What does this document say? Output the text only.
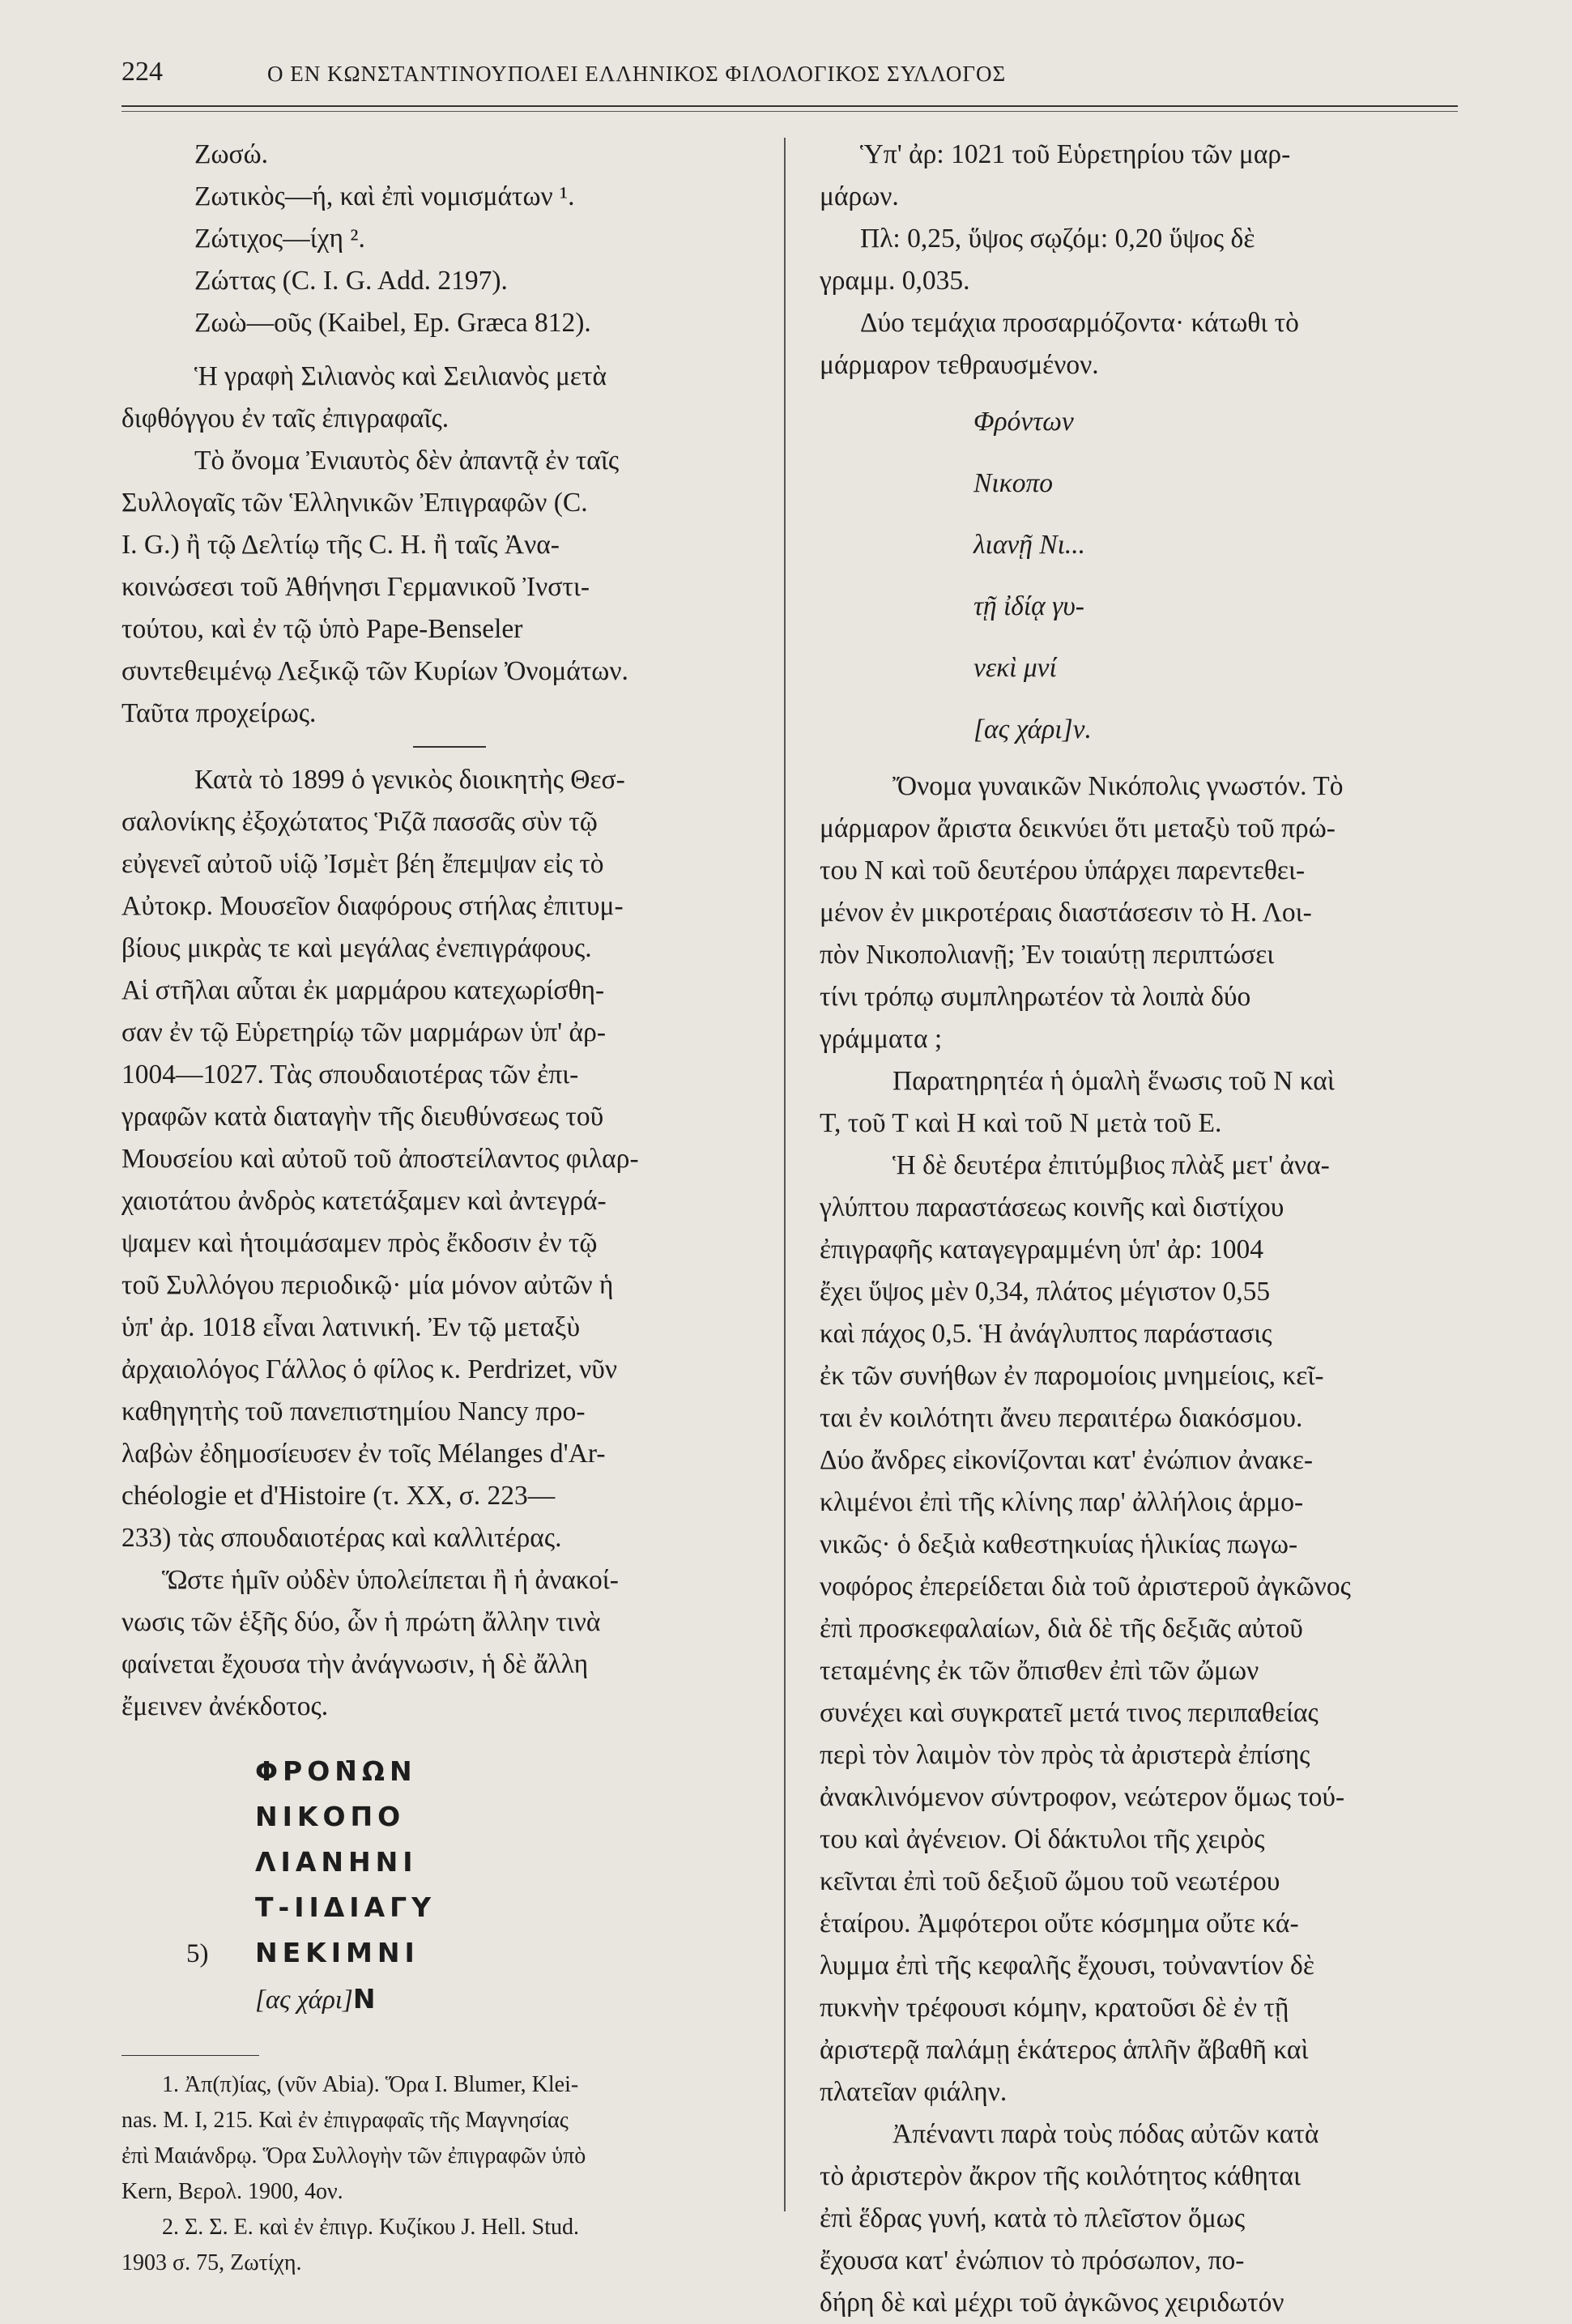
224	Ο ΕΝ ΚΩΝΣΤΑΝΤΙΝΟΥΠΟΛΕΙ ΕΛΛΗΝΙΚΟΣ ΦΙΛΟΛΟΓΙΚΟΣ ΣΥΛΛΟΓΟΣ
Ζωσώ.
Ζωτικὸς—ή, καὶ ἐπὶ νομισμάτων ¹.
Ζώτιχος—ίχη ².
Ζώττας (C. I. G. Add. 2197).
Ζωὼ—οῦς (Kaibel, Ep. Græca 812).
Ἡ γραφὴ Σιλιανὸς καὶ Σειλιανὸς μετὰ
διφθόγγου ἐν ταῖς ἐπιγραφαῖς.
Τὸ ὄνομα Ἐνιαυτὸς δὲν ἀπαντᾷ ἐν ταῖς
Συλλογαῖς τῶν Ἑλληνικῶν Ἐπιγραφῶν (C.
I. G.) ἢ τῷ Δελτίῳ τῆς C. H. ἢ ταῖς Ἀνα-
κοινώσεσι τοῦ Ἀθήνησι Γερμανικοῦ Ἰνστι-
τούτου, καὶ ἐν τῷ ὑπὸ Pape-Benseler
συντεθειμένῳ Λεξικῷ τῶν Κυρίων Ὀνομάτων.
Ταῦτα προχείρως.
Κατὰ τὸ 1899 ὁ γενικὸς διοικητὴς Θεσ-
σαλονίκης ἐξοχώτατος Ῥιζᾶ πασσᾶς σὺν τῷ
εὐγενεῖ αὐτοῦ υἱῷ Ἰσμὲτ βέη ἔπεμψαν εἰς τὸ
Αὐτοκρ. Μουσεῖον διαφόρους στήλας ἐπιτυμ-
βίους μικρὰς τε καὶ μεγάλας ἐνεπιγράφους.
Αἱ στῆλαι αὗται ἐκ μαρμάρου κατεχωρίσθη-
σαν ἐν τῷ Εὑρετηρίῳ τῶν μαρμάρων ὑπ' ἀρ-
1004—1027. Τὰς σπουδαιοτέρας τῶν ἐπι-
γραφῶν κατὰ διαταγὴν τῆς διευθύνσεως τοῦ
Μουσείου καὶ αὐτοῦ τοῦ ἀποστείλαντος φιλαρ-
χαιοτάτου ἀνδρὸς κατετάξαμεν καὶ ἀντεγρά-
ψαμεν καὶ ἡτοιμάσαμεν πρὸς ἔκδοσιν ἐν τῷ
τοῦ Συλλόγου περιοδικῷ· μία μόνον αὐτῶν ἡ
ὑπ' ἀρ. 1018 εἶναι λατινική. Ἐν τῷ μεταξὺ
ἀρχαιολόγος Γάλλος ὁ φίλος κ. Perdrizet, νῦν
καθηγητὴς τοῦ πανεπιστημίου Nancy προ-
λαβὼν ἐδημοσίευσεν ἐν τοῖς Mélanges d'Ar-
chéologie et d'Histoire (τ. XX, σ. 223—
233) τὰς σπουδαιοτέρας καὶ καλλιτέρας.
Ὥστε ἡμῖν οὐδὲν ὑπολείπεται ἢ ἡ ἀνακοί-
νωσις τῶν ἑξῆς δύο, ὧν ἡ πρώτη ἄλλην τινὰ
φαίνεται ἔχουσα τὴν ἀνάγνωσιν, ἡ δὲ ἄλλη
ἔμεινεν ἀνέκδοτος.
ΦΡΟΝ̄ΩΝ
ΝΙΚΟΠΟ
ΛΙΑΝΗΝΙ
Τ-ΙΙΔΙΑΓΥ
5) ΝΕΚΙΜΝΙ
[ας χάρι]Ν
1. Ἀπ(π)ίας, (νῦν Abia). Ὅρα I. Blumer, Klei-
nas. M. I, 215. Καὶ ἐν ἐπιγραφαῖς τῆς Μαγνησίας
ἐπὶ Μαιάνδρῳ. Ὅρα Συλλογὴν τῶν ἐπιγραφῶν ὑπὸ
Kern, Βερολ. 1900, 4ον.
2. Σ. Σ. Ε. καὶ ἐν ἐπιγρ. Κυζίκου J. Hell. Stud.
1903 σ. 75, Ζωτίχη.
Ὑπ' ἀρ: 1021 τοῦ Εὑρετηρίου τῶν μαρ-
μάρων.
Πλ: 0,25, ὕψος σῳζόμ: 0,20 ὕψος δὲ
γραμμ. 0,035.
Δύο τεμάχια προσαρμόζοντα· κάτωθι τὸ
μάρμαρον τεθραυσμένον.
Φρόντων
Νικοπο
λιανῇ Νι...
τῇ ἰδίᾳ γυ-
νεκὶ μνί
[ας χάρι]ν.
Ὄνομα γυναικῶν Νικόπολις γνωστόν. Τὸ
μάρμαρον ἄριστα δεικνύει ὅτι μεταξὺ τοῦ πρώ-
του Ν καὶ τοῦ δευτέρου ὑπάρχει παρεντεθει-
μένον ἐν μικροτέραις διαστάσεσιν τὸ Η. Λοι-
πὸν Νικοπολιανῇ; Ἐν τοιαύτῃ περιπτώσει
τίνι τρόπῳ συμπληρωτέον τὰ λοιπὰ δύο
γράμματα ;
Παρατηρητέα ἡ ὁμαλὴ ἕνωσις τοῦ Ν καὶ
Τ, τοῦ Τ καὶ Η καὶ τοῦ Ν μετὰ τοῦ Ε.
Ἡ δὲ δευτέρα ἐπιτύμβιος πλὰξ μετ' ἀνα-
γλύπτου παραστάσεως κοινῆς καὶ διστίχου
ἐπιγραφῆς καταγεγραμμένη ὑπ' ἀρ: 1004
ἔχει ὕψος μὲν 0,34, πλάτος μέγιστον 0,55
καὶ πάχος 0,5. Ἡ ἀνάγλυπτος παράστασις
ἐκ τῶν συνήθων ἐν παρομοίοις μνημείοις, κεῖ-
ται ἐν κοιλότητι ἄνευ περαιτέρω διακόσμου.
Δύο ἄνδρες εἰκονίζονται κατ' ἐνώπιον ἀνακε-
κλιμένοι ἐπὶ τῆς κλίνης παρ' ἀλλήλοις ἁρμο-
νικῶς· ὁ δεξιὰ καθεστηκυίας ἡλικίας πωγω-
νοφόρος ἐπερείδεται διὰ τοῦ ἀριστεροῦ ἀγκῶνος
ἐπὶ προσκεφαλαίων, διὰ δὲ τῆς δεξιᾶς αὐτοῦ
τεταμένης ἐκ τῶν ὄπισθεν ἐπὶ τῶν ὤμων
συνέχει καὶ συγκρατεῖ μετά τινος περιπαθείας
περὶ τὸν λαιμὸν τὸν πρὸς τὰ ἀριστερὰ ἐπίσης
ἀνακλινόμενον σύντροφον, νεώτερον ὅμως τού-
του καὶ ἀγένειον. Οἱ δάκτυλοι τῆς χειρὸς
κεῖνται ἐπὶ τοῦ δεξιοῦ ὤμου τοῦ νεωτέρου
ἑταίρου. Ἀμφότεροι οὔτε κόσμημα οὔτε κά-
λυμμα ἐπὶ τῆς κεφαλῆς ἔχουσι, τοὐναντίον δὲ
πυκνὴν τρέφουσι κόμην, κρατοῦσι δὲ ἐν τῇ
ἀριστερᾷ παλάμῃ ἑκάτερος ἁπλῆν ἄβαθῆ καὶ
πλατεῖαν φιάλην.
Ἀπέναντι παρὰ τοὺς πόδας αὐτῶν κατὰ
τὸ ἀριστερὸν ἄκρον τῆς κοιλότητος κάθηται
ἐπὶ ἕδρας γυνή, κατὰ τὸ πλεῖστον ὅμως
ἔχουσα κατ' ἐνώπιον τὸ πρόσωπον, πο-
δήρη δὲ καὶ μέχρι τοῦ ἀγκῶνος χειριδωτόν
